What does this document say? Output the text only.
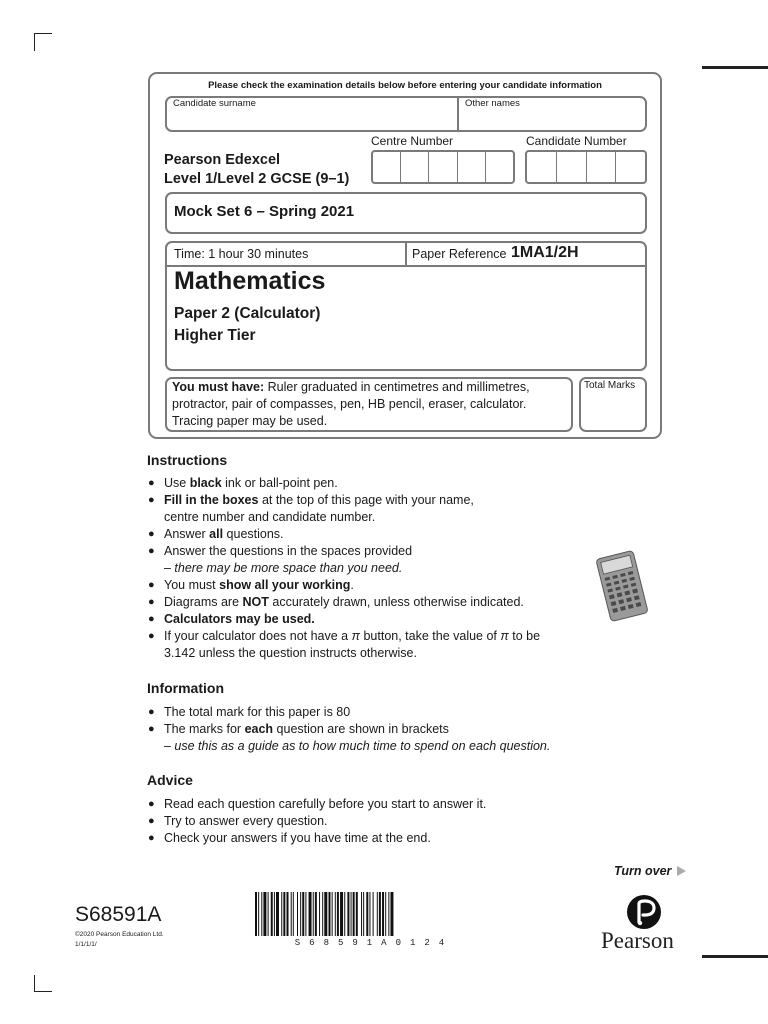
Please check the examination details below before entering your candidate information
Candidate surname	Other names
Centre Number	Candidate Number
Pearson Edexcel
Level 1/Level 2 GCSE (9–1)
Mock Set 6 – Spring 2021
Time: 1 hour 30 minutes	Paper Reference 1MA1/2H
Mathematics
Paper 2 (Calculator)
Higher Tier
You must have: Ruler graduated in centimetres and millimetres, protractor, pair of compasses, pen, HB pencil, eraser, calculator. Tracing paper may be used.
Total Marks
Instructions
● Use black ink or ball-point pen.
● Fill in the boxes at the top of this page with your name,
centre number and candidate number.
● Answer all questions.
● Answer the questions in the spaces provided
– there may be more space than you need.
● You must show all your working.
● Diagrams are NOT accurately drawn, unless otherwise indicated.
● Calculators may be used.
● If your calculator does not have a π button, take the value of π to be
3.142 unless the question instructs otherwise.
Information
● The total mark for this paper is 80
● The marks for each question are shown in brackets
– use this as a guide as to how much time to spend on each question.
Advice
● Read each question carefully before you start to answer it.
● Try to answer every question.
● Check your answers if you have time at the end.
Turn over
S68591A
©2020 Pearson Education Ltd.
1/1/1/1/	S68591A0124	Pearson
